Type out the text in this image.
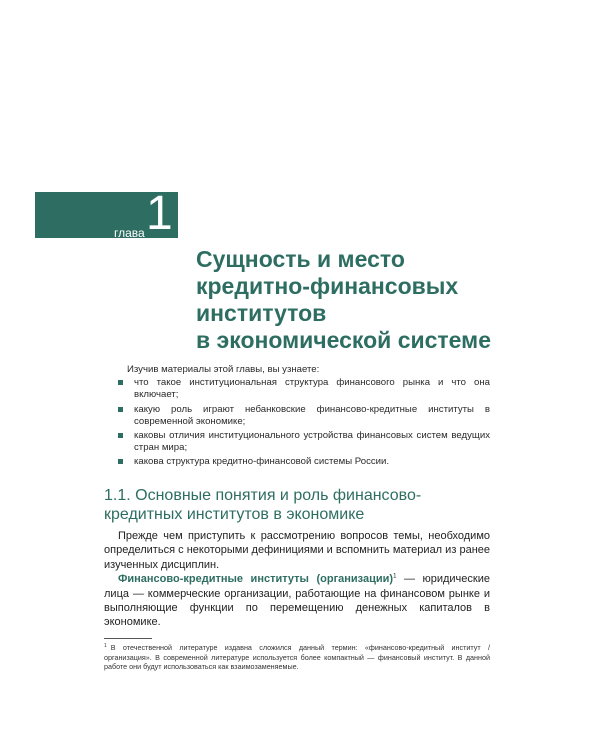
глава 1
Сущность и место
кредитно-финансовых
институтов
в экономической системе

Изучив материалы этой главы, вы узнаете:

что такое институциональная структура финансового рынка и что она включает;
какую роль играют небанковские финансово-кредитные институты в современной экономике;
каковы отличия институционального устройства финансовых систем ведущих стран мира;
какова структура кредитно-финансовой системы России.
1.1. Основные понятия и роль финансово-
кредитных институтов в экономике

Прежде чем приступить к рассмотрению вопросов темы, необходимо определиться с некоторыми дефинициями и вспомнить материал из ранее изученных дисциплин.

Финансово-кредитные институты (организации)$^1$ — юридические лица — коммерческие организации, работающие на финансовом рынке и выполняющие функции по перемещению денежных капиталов в экономике.

$^1$ В отечественной литературе издавна сложился данный термин: «финансово-кредитный институт / организация». В современной литературе используется более компактный — финансовый институт. В данной работе они будут использоваться как взаимозаменяемые.
